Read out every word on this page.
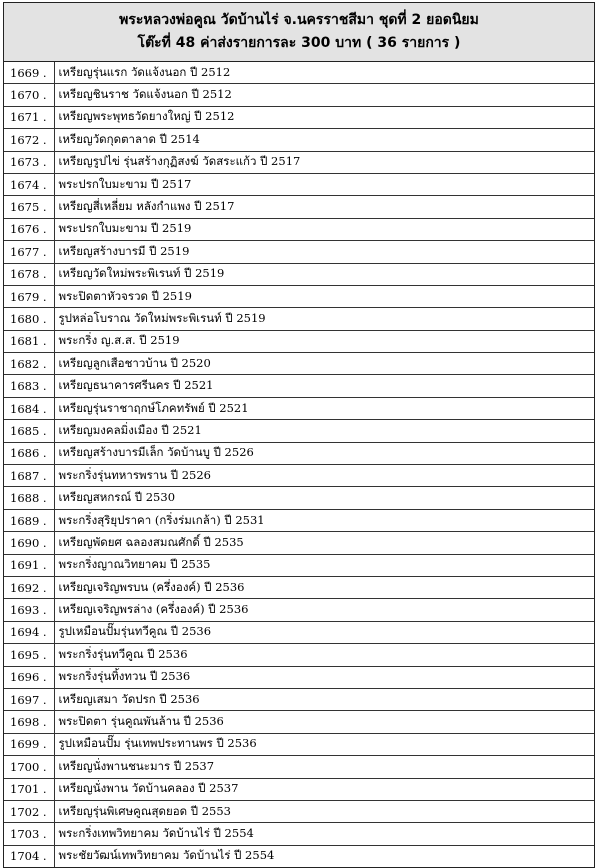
พระหลวงพ่อคูณ วัดบ้านไร่ จ.นครราชสีมา ชุดที่ 2 ยอดนิยม
โต๊ะที่ 48 ค่าส่งรายการละ 300 บาท ( 36 รายการ )
1669 .	เหรียญรุ่นแรก วัดแจ้งนอก ปี 2512
1670 .	เหรียญชินราช วัดแจ้งนอก ปี 2512
1671 .	เหรียญพระพุทธวัดยางใหญ่ ปี 2512
1672 .	เหรียญวัดกุดตาลาด ปี 2514
1673 .	เหรียญรูปไข่ รุ่นสร้างกุฏิสงฆ์ วัดสระแก้ว ปี 2517
1674 .	พระปรกใบมะขาม ปี 2517
1675 .	เหรียญสี่เหลี่ยม หลังกำแพง ปี 2517
1676 .	พระปรกใบมะขาม ปี 2519
1677 .	เหรียญสร้างบารมี ปี 2519
1678 .	เหรียญวัดใหม่พระพิเรนท์ ปี 2519
1679 .	พระปิดตาหัวจรวด ปี 2519
1680 .	รูปหล่อโบราณ วัดใหม่พระพิเรนท์ ปี 2519
1681 .	พระกริ่ง ญ.ส.ส. ปี 2519
1682 .	เหรียญลูกเสือชาวบ้าน ปี 2520
1683 .	เหรียญธนาคารศรีนคร ปี 2521
1684 .	เหรียญรุ่นราชาฤกษ์โภคทรัพย์ ปี 2521
1685 .	เหรียญมงคลมิ่งเมือง ปี 2521
1686 .	เหรียญสร้างบารมีเล็ก วัดบ้านบู ปี 2526
1687 .	พระกริ่งรุ่นทหารพราน ปี 2526
1688 .	เหรียญสหกรณ์ ปี 2530
1689 .	พระกริ่งสุริยุปราคา (กริ่งร่มเกล้า) ปี 2531
1690 .	เหรียญพัดยศ ฉลองสมณศักดิ์ ปี 2535
1691 .	พระกริ่งญาณวิทยาคม ปี 2535
1692 .	เหรียญเจริญพรบน (ครึ่งองค์) ปี 2536
1693 .	เหรียญเจริญพรล่าง (ครึ่งองค์) ปี 2536
1694 .	รูปเหมือนปั๊มรุ่นทวีคูณ ปี 2536
1695 .	พระกริ่งรุ่นทวีคูณ ปี 2536
1696 .	พระกริ่งรุ่นทิ้งทวน ปี 2536
1697 .	เหรียญเสมา วัดปรก ปี 2536
1698 .	พระปิดตา รุ่นคูณพันล้าน ปี 2536
1699 .	รูปเหมือนปั๊ม รุ่นเทพประทานพร ปี 2536
1700 .	เหรียญนั่งพานชนะมาร ปี 2537
1701 .	เหรียญนั่งพาน วัดบ้านคลอง ปี 2537
1702 .	เหรียญรุ่นพิเศษคูณสุดยอด ปี 2553
1703 .	พระกริ่งเทพวิทยาคม วัดบ้านไร่ ปี 2554
1704 .	พระชัยวัฒน์เทพวิทยาคม วัดบ้านไร่ ปี 2554
